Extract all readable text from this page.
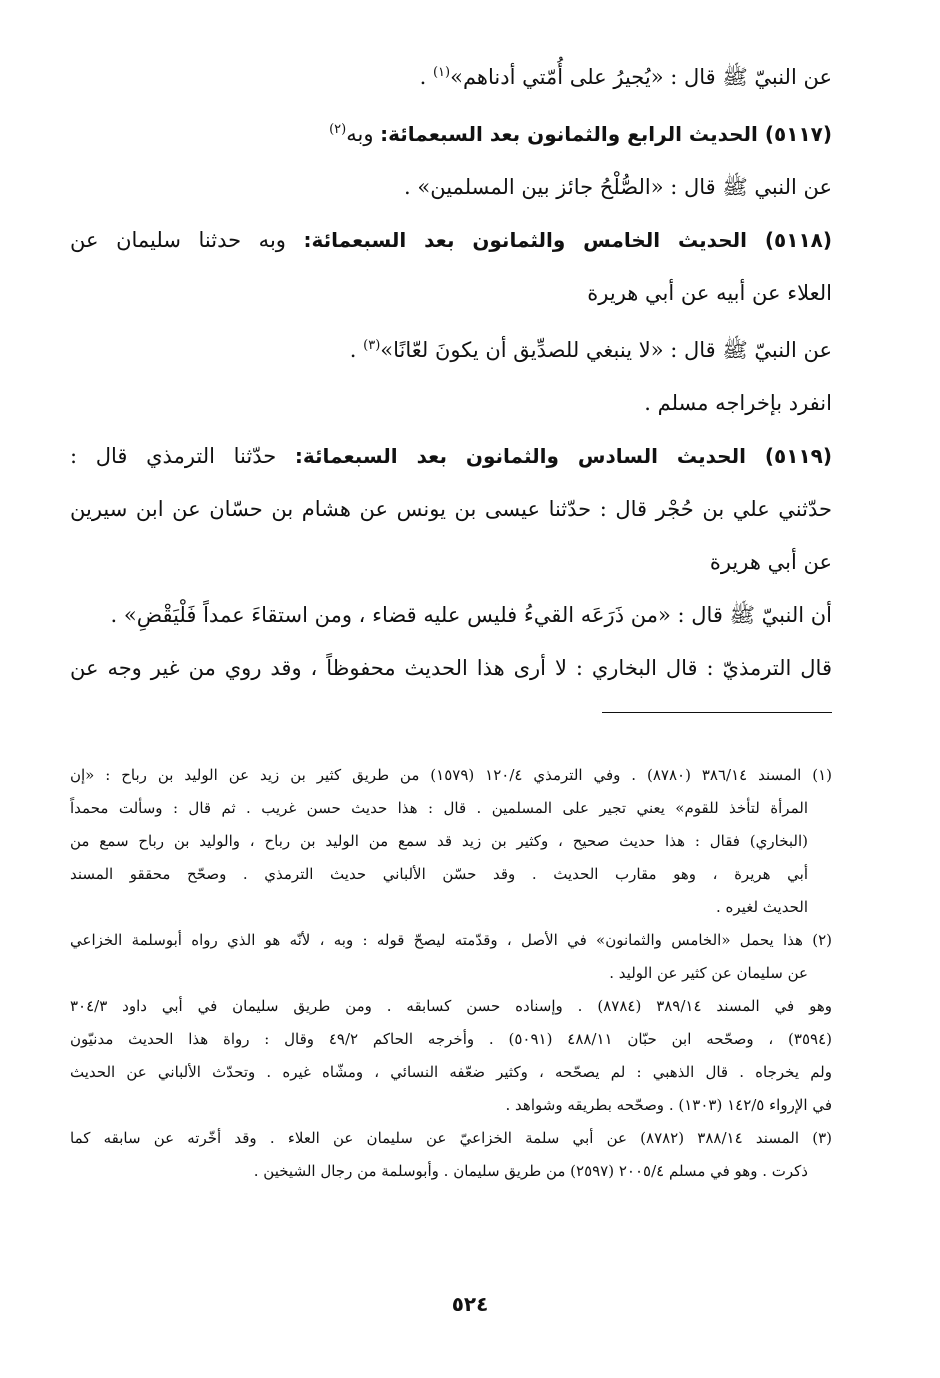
عن النبيّ ﷺ قال : «يُجيرُ على أُمّتي أدناهم»$^{(١)}$ .

(٥١١٧) الحديث الرابع والثمانون بعد السبعمائة: وبه$^{(٢)}$

عن النبي ﷺ قال : «الصُّلْحُ جائز بين المسلمين» .

(٥١١٨) الحديث الخامس والثمانون بعد السبعمائة: وبه حدثنا سليمان عن

العلاء عن أبيه عن أبي هريرة

عن النبيّ ﷺ قال : «لا ينبغي للصدِّيق أن يكونَ لعّانًا»$^{(٣)}$ .

انفرد بإخراجه مسلم .

(٥١١٩) الحديث السادس والثمانون بعد السبعمائة: حدّثنا الترمذي قال :

حدّثني علي بن حُجْر قال : حدّثنا عيسى بن يونس عن هشام بن حسّان عن ابن سيرين

عن أبي هريرة

أن النبيّ ﷺ قال : «من ذَرَعَه القيءُ فليس عليه قضاء ، ومن استقاءَ عمداً فَلْيَقْضِ» .

قال الترمذيّ : قال البخاري : لا أرى هذا الحديث محفوظاً ، وقد روي من غير وجه عن

(١) المسند ٣٨٦/١٤ (٨٧٨٠) . وفي الترمذي ١٢٠/٤ (١٥٧٩) من طريق كثير بن زيد عن الوليد بن رباح : «إن

المرأة لتأخذ للقوم» يعني تجير على المسلمين . قال : هذا حديث حسن غريب . ثم قال : وسألت محمداً

(البخاري) فقال : هذا حديث صحيح ، وكثير بن زيد قد سمع من الوليد بن رباح ، والوليد بن رباح سمع من

أبي هريرة ، وهو مقارب الحديث . وقد حسّن الألباني حديث الترمذي . وصحّح محققو المسند

الحديث لغيره .

(٢) هذا يحمل «الخامس والثمانون» في الأصل ، وقدّمته ليصحّ قوله : وبه ، لأنّه هو الذي رواه أبوسلمة الخزاعي

عن سليمان عن كثير عن الوليد .

وهو في المسند ٣٨٩/١٤ (٨٧٨٤) . وإسناده حسن كسابقه . ومن طريق سليمان في أبي داود ٣٠٤/٣

(٣٥٩٤) ، وصحّحه ابن حبّان ٤٨٨/١١ (٥٠٩١) . وأخرجه الحاكم ٤٩/٢ وقال : رواة هذا الحديث مدنيّون

ولم يخرجاه . قال الذهبي : لم يصحّحه ، وكثير ضعّفه النسائي ، ومشّاه غيره . وتحدّث الألباني عن الحديث

في الإرواء ١٤٢/٥ (١٣٠٣) . وصحّحه بطريقه وشواهد .

(٣) المسند ٣٨٨/١٤ (٨٧٨٢) عن أبي سلمة الخزاعيّ عن سليمان عن العلاء . وقد أخّرته عن سابقه كما

ذكرت . وهو في مسلم ٢٠٠٥/٤ (٢٥٩٧) من طريق سليمان . وأبوسلمة من رجال الشيخين .

٥٢٤
